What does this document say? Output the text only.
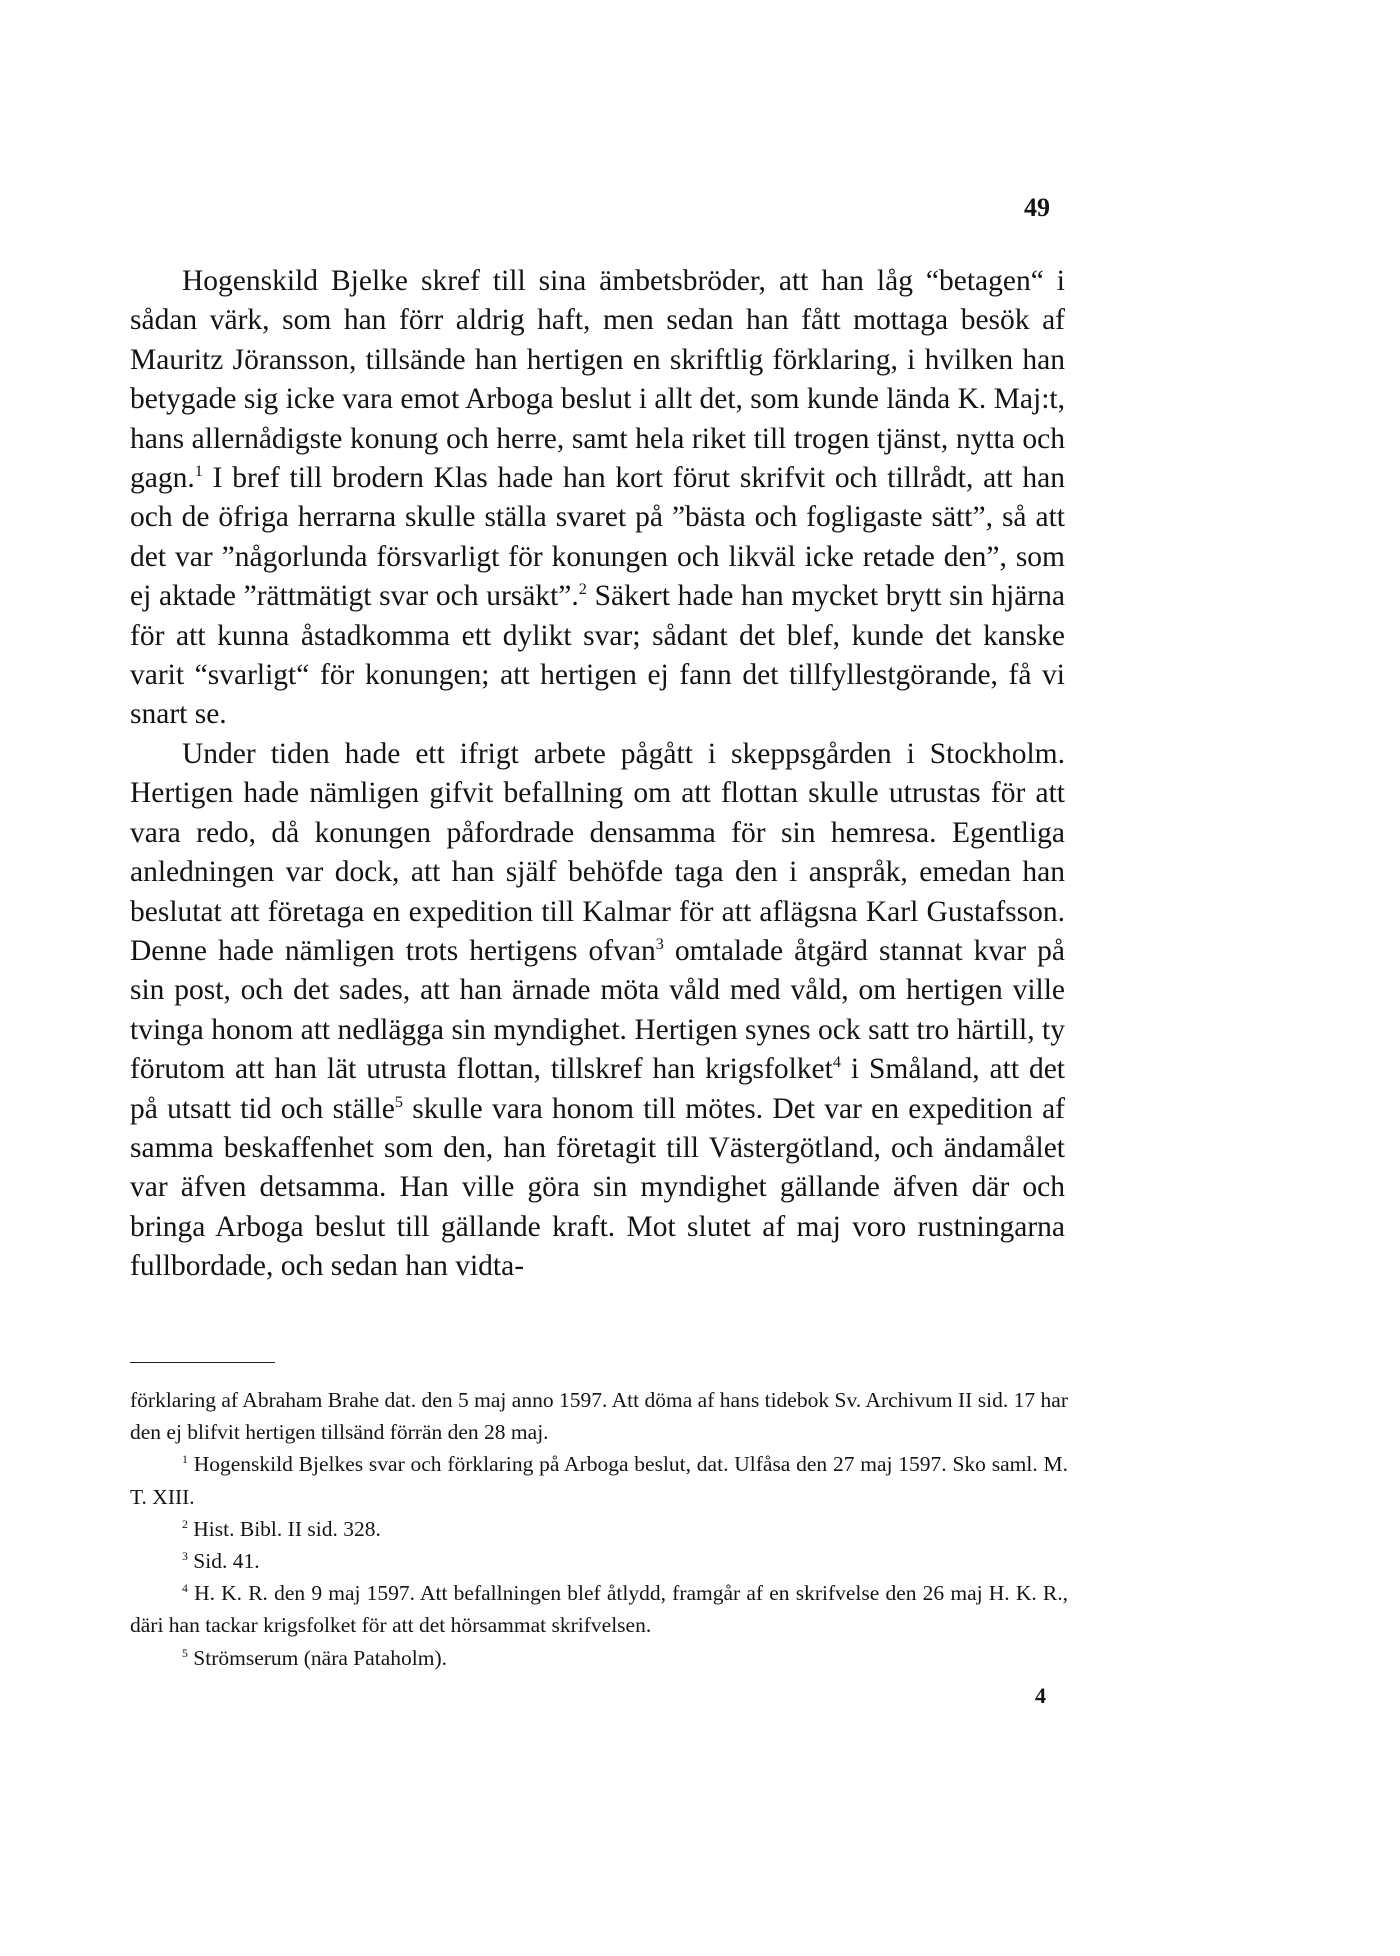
49

Hogenskild Bjelke skref till sina ämbetsbröder, att han låg “betagen“ i sådan värk, som han förr aldrig haft, men sedan han fått mottaga besök af Mauritz Jöransson, tillsände han hertigen en skriftlig förklaring, i hvilken han betygade sig icke vara emot Arboga beslut i allt det, som kunde lända K. Maj:t, hans allernådigste konung och herre, samt hela riket till trogen tjänst, nytta och gagn.$^1$ I bref till brodern Klas hade han kort förut skrifvit och tillrådt, att han och de öfriga herrarna skulle ställa svaret på ”bästa och fogligaste sätt”, så att det var ”någorlunda försvarligt för konungen och likväl icke retade den”, som ej aktade ”rättmätigt svar och ursäkt”.$^2$ Säkert hade han mycket brytt sin hjärna för att kunna åstadkomma ett dylikt svar; sådant det blef, kunde det kanske varit “svarligt“ för konungen; att hertigen ej fann det tillfyllestgörande, få vi snart se.

Under tiden hade ett ifrigt arbete pågått i skeppsgården i Stockholm. Hertigen hade nämligen gifvit befallning om att flottan skulle utrustas för att vara redo, då konungen påfordrade densamma för sin hemresa. Egentliga anledningen var dock, att han själf behöfde taga den i anspråk, emedan han beslutat att företaga en expedition till Kalmar för att aflägsna Karl Gustafsson. Denne hade nämligen trots hertigens ofvan$^3$ omtalade åtgärd stannat kvar på sin post, och det sades, att han ärnade möta våld med våld, om hertigen ville tvinga honom att nedlägga sin myndighet. Hertigen synes ock satt tro härtill, ty förutom att han lät utrusta flottan, tillskref han krigsfolket$^4$ i Småland, att det på utsatt tid och ställe$^5$ skulle vara honom till mötes. Det var en expedition af samma beskaffenhet som den, han företagit till Västergötland, och ändamålet var äfven detsamma. Han ville göra sin myndighet gällande äfven där och bringa Arboga beslut till gällande kraft. Mot slutet af maj voro rustningarna fullbordade, och sedan han vidta-

förklaring af Abraham Brahe dat. den 5 maj anno 1597. Att döma af hans tidebok Sv. Archivum II sid. 17 har den ej blifvit hertigen tillsänd förrän den 28 maj.

$^1$ Hogenskild Bjelkes svar och förklaring på Arboga beslut, dat. Ulfåsa den 27 maj 1597. Sko saml. M. T. XIII.

$^2$ Hist. Bibl. II sid. 328.

$^3$ Sid. 41.

$^4$ H. K. R. den 9 maj 1597. Att befallningen blef åtlydd, framgår af en skrifvelse den 26 maj H. K. R., däri han tackar krigsfolket för att det hörsammat skrifvelsen.

$^5$ Strömserum (nära Pataholm).

4
